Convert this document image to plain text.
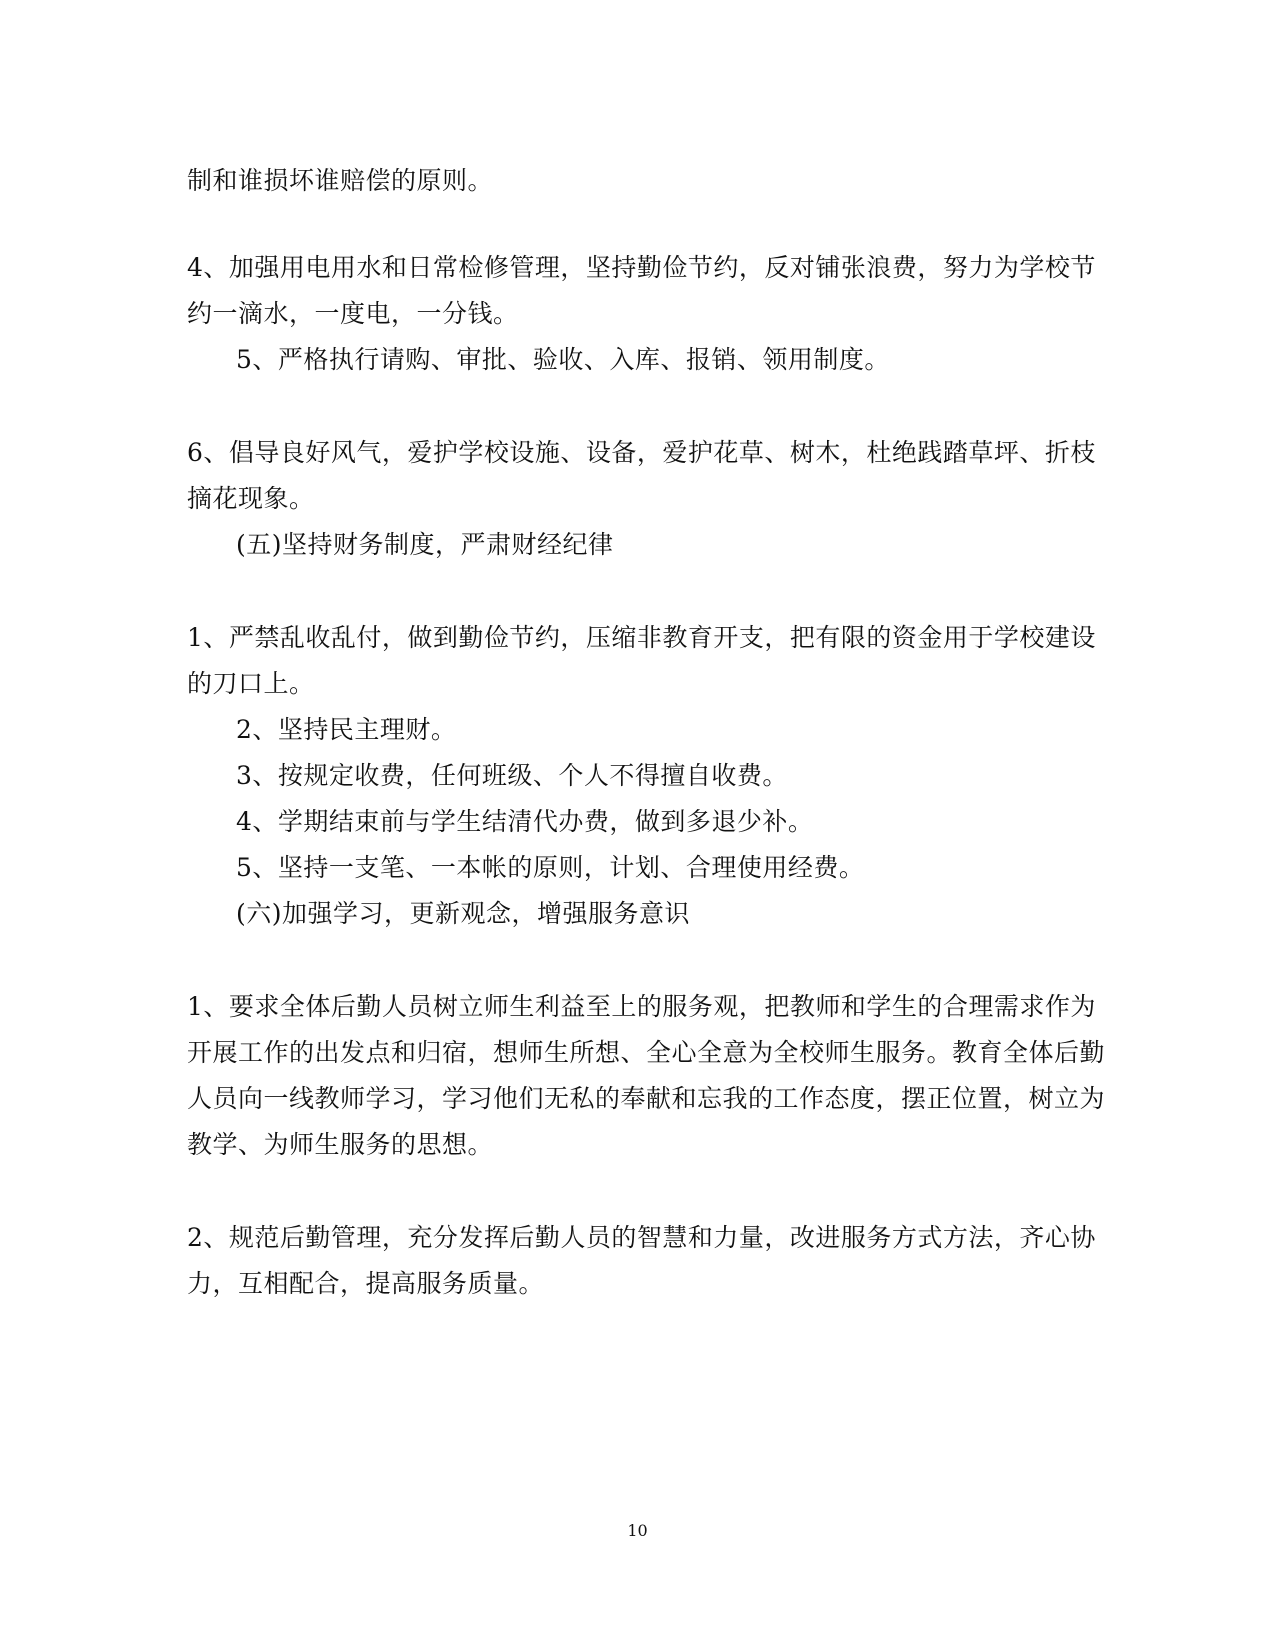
制和谁损坏谁赔偿的原则。
4、加强用电用水和日常检修管理，坚持勤俭节约，反对铺张浪费，努力为学校节
约一滴水，一度电，一分钱。
5、严格执行请购、审批、验收、入库、报销、领用制度。
6、倡导良好风气，爱护学校设施、设备，爱护花草、树木，杜绝践踏草坪、折枝
摘花现象。
(五)坚持财务制度，严肃财经纪律
1、严禁乱收乱付，做到勤俭节约，压缩非教育开支，把有限的资金用于学校建设
的刀口上。
2、坚持民主理财。
3、按规定收费，任何班级、个人不得擅自收费。
4、学期结束前与学生结清代办费，做到多退少补。
5、坚持一支笔、一本帐的原则，计划、合理使用经费。
(六)加强学习，更新观念，增强服务意识
1、要求全体后勤人员树立师生利益至上的服务观，把教师和学生的合理需求作为
开展工作的出发点和归宿，想师生所想、全心全意为全校师生服务。教育全体后勤
人员向一线教师学习，学习他们无私的奉献和忘我的工作态度，摆正位置，树立为
教学、为师生服务的思想。
2、规范后勤管理，充分发挥后勤人员的智慧和力量，改进服务方式方法，齐心协
力，互相配合，提高服务质量。
10
